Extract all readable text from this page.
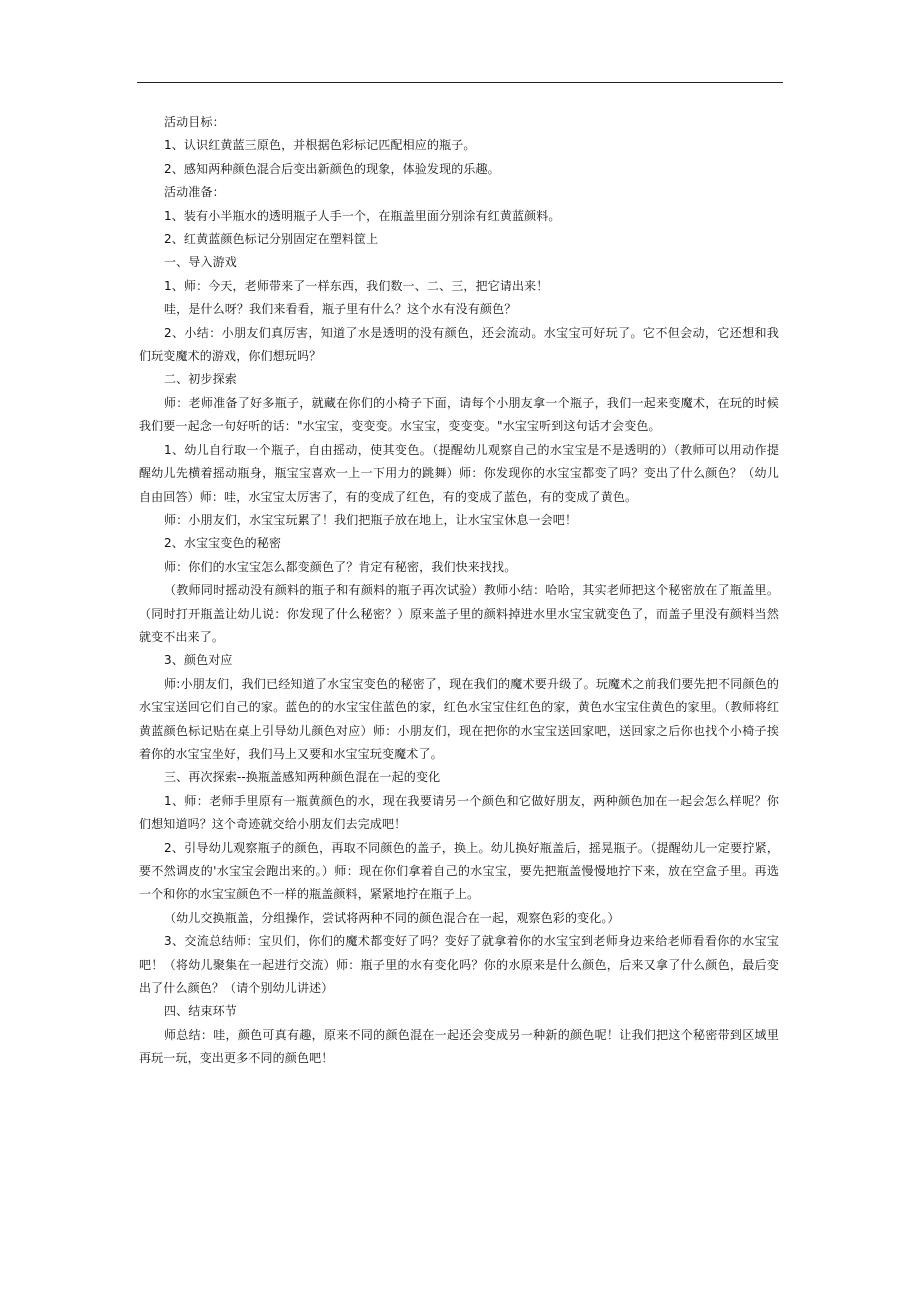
活动目标：

1、认识红黄蓝三原色，并根据色彩标记匹配相应的瓶子。

2、感知两种颜色混合后变出新颜色的现象，体验发现的乐趣。

活动准备：

1、装有小半瓶水的透明瓶子人手一个，在瓶盖里面分别涂有红黄蓝颜料。

2、红黄蓝颜色标记分别固定在塑料筐上

一、导入游戏

1、师：今天，老师带来了一样东西，我们数一、二、三，把它请出来！

哇，是什么呀？我们来看看，瓶子里有什么？这个水有没有颜色？

2、小结：小朋友们真厉害，知道了水是透明的没有颜色，还会流动。水宝宝可好玩了。它不但会动，它还想和我们玩变魔术的游戏，你们想玩吗？

二、初步探索

师：老师准备了好多瓶子，就藏在你们的小椅子下面，请每个小朋友拿一个瓶子，我们一起来变魔术，在玩的时候我们要一起念一句好听的话："水宝宝，变变变。水宝宝，变变变。"水宝宝听到这句话才会变色。

1、幼儿自行取一个瓶子，自由摇动，使其变色。（提醒幼儿观察自己的水宝宝是不是透明的）（教师可以用动作提醒幼儿先横着摇动瓶身，瓶宝宝喜欢一上一下用力的跳舞）师：你发现你的水宝宝都变了吗？变出了什么颜色？（幼儿自由回答）师：哇，水宝宝太厉害了，有的变成了红色，有的变成了蓝色，有的变成了黄色。

师：小朋友们，水宝宝玩累了！我们把瓶子放在地上，让水宝宝休息一会吧！

2、水宝宝变色的秘密

师：你们的水宝宝怎么都变颜色了？肯定有秘密，我们快来找找。

（教师同时摇动没有颜料的瓶子和有颜料的瓶子再次试验）教师小结：哈哈，其实老师把这个秘密放在了瓶盖里。（同时打开瓶盖让幼儿说：你发现了什么秘密？）原来盖子里的颜料掉进水里水宝宝就变色了，而盖子里没有颜料当然就变不出来了。

3、颜色对应

师:小朋友们，我们已经知道了水宝宝变色的秘密了，现在我们的魔术要升级了。玩魔术之前我们要先把不同颜色的水宝宝送回它们自己的家。蓝色的的水宝宝住蓝色的家，红色水宝宝住红色的家，黄色水宝宝住黄色的家里。（教师将红黄蓝颜色标记贴在桌上引导幼儿颜色对应）师：小朋友们，现在把你的水宝宝送回家吧，送回家之后你也找个小椅子挨着你的水宝宝坐好，我们马上又要和水宝宝玩变魔术了。

三、再次探索--换瓶盖感知两种颜色混在一起的变化

1、师：老师手里原有一瓶黄颜色的水，现在我要请另一个颜色和它做好朋友，两种颜色加在一起会怎么样呢？你们想知道吗？这个奇迹就交给小朋友们去完成吧！

2、引导幼儿观察瓶子的颜色，再取不同颜色的盖子，换上。幼儿换好瓶盖后，摇晃瓶子。（提醒幼儿一定要拧紧，要不然调皮的'水宝宝会跑出来的。）师：现在你们拿着自己的水宝宝，要先把瓶盖慢慢地拧下来，放在空盒子里。再选一个和你的水宝宝颜色不一样的瓶盖颜料，紧紧地拧在瓶子上。

（幼儿交换瓶盖，分组操作，尝试将两种不同的颜色混合在一起，观察色彩的变化。）

3、交流总结师：宝贝们，你们的魔术都变好了吗？变好了就拿着你的水宝宝到老师身边来给老师看看你的水宝宝吧！（将幼儿聚集在一起进行交流）师：瓶子里的水有变化吗？你的水原来是什么颜色，后来又拿了什么颜色，最后变出了什么颜色？（请个别幼儿讲述）

四、结束环节

师总结：哇，颜色可真有趣，原来不同的颜色混在一起还会变成另一种新的颜色呢！让我们把这个秘密带到区域里再玩一玩，变出更多不同的颜色吧！
